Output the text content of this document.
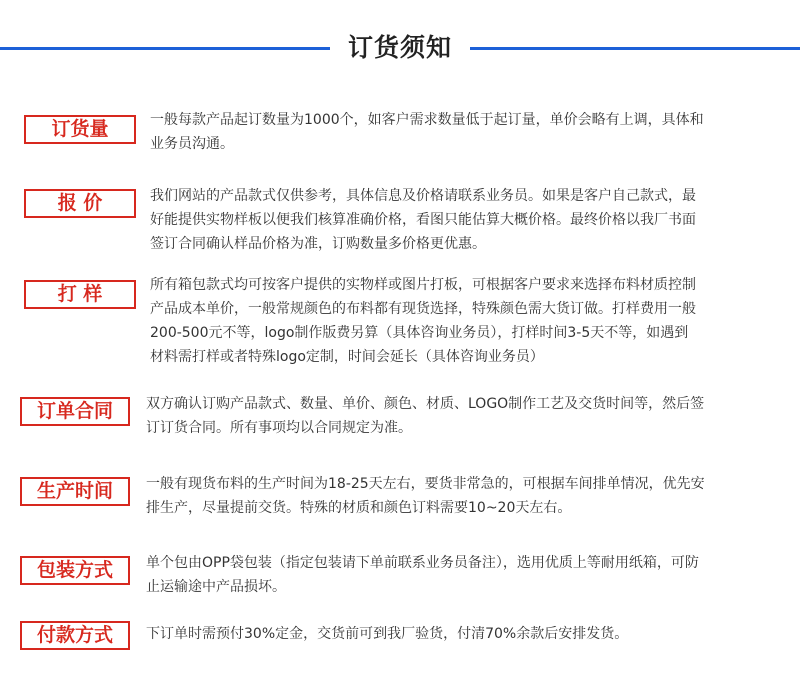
订货须知
订货量	一般每款产品起订数量为1000个，如客户需求数量低于起订量，单价会略有上调，具体和
业务员沟通。
报 价	我们网站的产品款式仅供参考，具体信息及价格请联系业务员。如果是客户自己款式，最
好能提供实物样板以便我们核算准确价格，看图只能估算大概价格。最终价格以我厂书面
签订合同确认样品价格为准，订购数量多价格更优惠。
打 样	所有箱包款式均可按客户提供的实物样或图片打板，可根据客户要求来选择布料材质控制
产品成本单价，一般常规颜色的布料都有现货选择，特殊颜色需大货订做。打样费用一般
200-500元不等，logo制作版费另算（具体咨询业务员），打样时间3-5天不等，如遇到
材料需打样或者特殊logo定制，时间会延长（具体咨询业务员）
订单合同	双方确认订购产品款式、数量、单价、颜色、材质、LOGO制作工艺及交货时间等，然后签
订订货合同。所有事项均以合同规定为准。
生产时间	一般有现货布料的生产时间为18-25天左右，要货非常急的，可根据车间排单情况，优先安
排生产，尽量提前交货。特殊的材质和颜色订料需要10~20天左右。
包装方式	单个包由OPP袋包装（指定包装请下单前联系业务员备注），选用优质上等耐用纸箱，可防
止运输途中产品损坏。
付款方式	下订单时需预付30%定金，交货前可到我厂验货，付清70%余款后安排发货。
